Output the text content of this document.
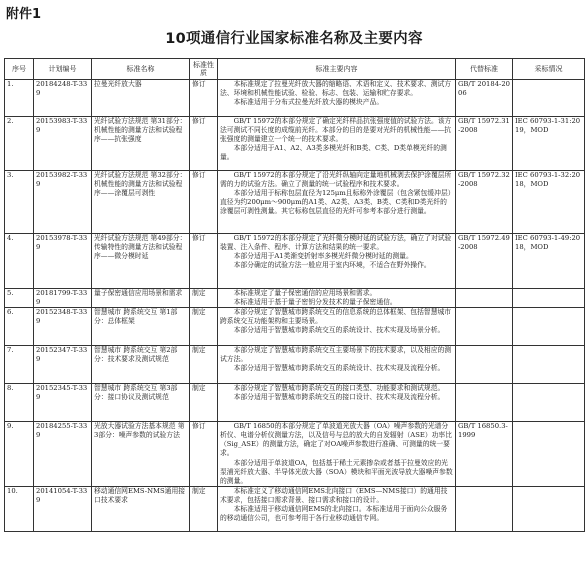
附件1
10项通信行业国家标准名称及主要内容
序号	计划编号	标准名称	标准性质	标准主要内容	代替标准	采标情况
1.	20184248-T-339	拉曼光纤放大器	修订	本标准规定了拉曼光纤放大器的缩略语、术语和定义、技术要求、测试方法、环境和机械性能试验、检验、标志、包装、运输和贮存要求。
本标准适用于分布式拉曼光纤放大器的模块产品。	GB/T 20184-2006	
2.	20153983-T-339	光纤试验方法规范 第31部分：机械性能的测量方法和试验程序——抗张强度	修订	GB/T 15972的本部分规定了确定光纤样品抗张强度值的试验方法。该方法可测试不同长度的成缆前光纤。本部分的目的是要对光纤的机械性能——抗张强度的测量建立一个统一的技术要求。
本部分适用于A1、A2、A3类多模光纤和B类、C类、D类单模光纤的测量。	GB/T 15972.31-2008	IEC 60793-1-31:2019，MOD
3.	20153982-T-339	光纤试验方法规范 第32部分：机械性能的测量方法和试验程序——涂覆层可剥性	修订	GB/T 15972的本部分规定了沿光纤纵轴向定量地机械剥去保护涂覆层所需的力的试验方法。确立了测量的统一试验程序和技术要求。
本部分适用于标称包层直径为125μm且标称外涂覆层（包含紧包缓冲层）直径为约200μm～900μm的A1类、A2类、A3类、B类、C类和D类光纤的涂覆层可剥性测量。其它标称包层直径的光纤可参考本部分进行测量。	GB/T 15972.32-2008	IEC 60793-1-32:2018，MOD
4.	20153978-T-339	光纤试验方法规范 第49部分：传输特性的测量方法和试验程序——微分模时延	修订	GB/T 15972的本部分规定了光纤微分模时延的试验方法，确立了对试验装置、注入条件、程序、计算方法和结果的统一要求。
本部分适用于A1类渐变折射率多模光纤微分模时延的测量。
本部分确定的试验方法一般应用于室内环境，不适合在野外操作。	GB/T 15972.49-2008	IEC 60793-1-49:2018，MOD
5.	20181799-T-339	量子保密通信应用场景和需求	制定	本标准规定了量子保密通信的应用场景和需求。
本标准适用于基于量子密钥分发技术的量子保密通信。		

6.	20152348-T-339	智慧城市 跨系统交互 第1部分：总体框架	制定	本部分规定了智慧城市跨系统交互的信息系统的总体框架、包括智慧城市跨系统交互功能架构和主要场景。
本部分适用于智慧城市跨系统交互的系统设计、技术实现及场景分析。		

7.	20152347-T-339	智慧城市 跨系统交互 第2部分：技术要求及测试规范	制定	本部分规定了智慧城市跨系统交互主要场景下的技术要求，以及相应的测试方法。
本部分适用于智慧城市跨系统交互的系统设计、技术实现及流程分析。		

8.	20152345-T-339	智慧城市 跨系统交互 第3部分：接口协议及测试规范	制定	本部分规定了智慧城市跨系统交互的接口类型、功能要求和测试规范。
本部分适用于智慧城市跨系统交互的接口设计、技术实现及流程分析。		

9.	20184255-T-339	光放大器试验方法基本规范 第3部分：噪声参数的试验方法	修订	GB/T 16850的本部分规定了单波道光放大器（OA）噪声参数的光谱分析仪、电谱分析仪测量方法，以及信号与总的放大的自发辐射（ASE）功率比（Sig_ASE）的测量方法，确定了对OA噪声参数进行准确、可测量的统一要求。
本部分适用于单波道OA，包括基于稀土元素掺杂或者基于拉曼效应的光泵浦光纤放大器、半导体光放大器（SOA）模块和平面光波导放大器噪声参数的测量。	GB/T 16850.3-1999	
10.	20141054-T-339	移动通信网EMS-NMS通用接口技术要求	制定	本标准定义了移动通信网EMS北向接口（EMS—NMS接口）的通用技术要求，包括接口需求背景、接口需求和接口的设计。
本标准适用于移动通信网EMS的北向接口。本标准适用于面向公众服务的移动通信公司，也可参考用于各行业移动通信专网。		
